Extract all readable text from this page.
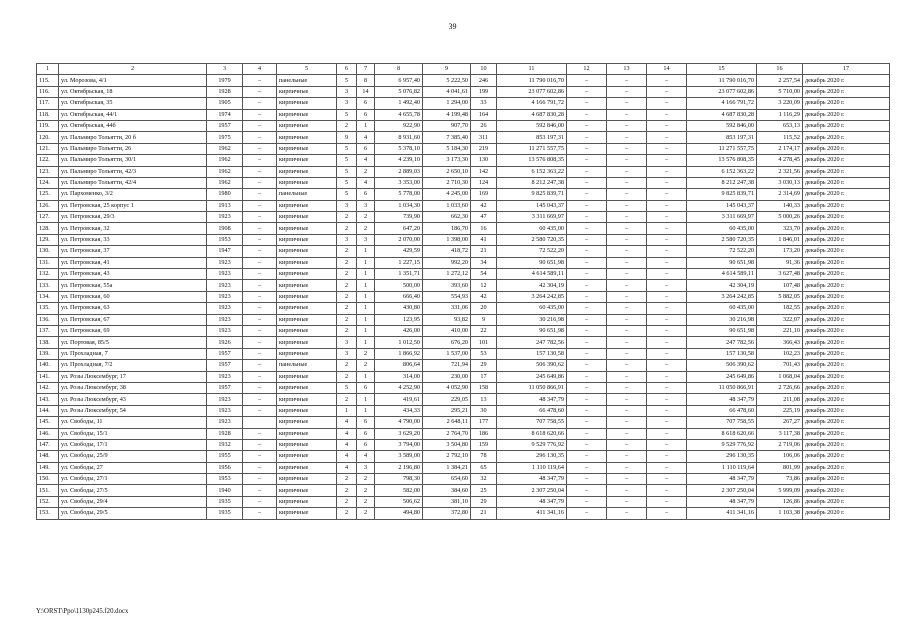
39
1	2	3	4	5	6	7	8	9	10	11	12	13	14	15	16	17
115.	ул. Морозова, 4/1	1979	–	панельные	5	8	6 957,40	5 222,50	246	11 790 016,70	–	–	–	11 790 016,70	2 257,54	декабрь 2020 г.
116.	ул. Октябрьская, 18	1928	–	кирпичные	3	14	5 076,82	4 041,61	199	23 077 602,86	–	–	–	23 077 602,86	5 710,00	декабрь 2020 г.
117.	ул. Октябрьская, 35	1905	–	кирпичные	3	6	1 492,40	1 294,00	33	4 166 791,72	–	–	–	4 166 791,72	3 220,09	декабрь 2020 г.
118.	ул. Октябрьская, 44/1	1974	–	кирпичные	5	6	4 655,78	4 199,48	164	4 687 830,28	–	–	–	4 687 830,28	1 116,29	декабрь 2020 г.
119.	ул. Октябрьская, 44б	1957	–	кирпичные	2	1	922,90	907,70	26	592 846,00	–	–	–	592 846,00	653,13	декабрь 2020 г.
120.	ул. Пальмиро Тольятти, 20 б	1975	–	кирпичные	9	4	8 931,60	7 385,40	311	853 197,31	–	–	–	853 197,31	115,52	декабрь 2020 г.
121.	ул. Пальмиро Тольятти, 26	1962	–	кирпичные	5	6	5 378,10	5 184,30	219	11 271 557,75	–	–	–	11 271 557,75	2 174,17	декабрь 2020 г.
122.	ул. Пальмиро Тольятти, 30/1	1962	–	кирпичные	5	4	4 239,10	3 173,30	130	13 576 808,35	–	–	–	13 576 808,35	4 278,45	декабрь 2020 г.
123.	ул. Пальмиро Тольятти, 42/3	1962	–	кирпичные	5	2	2 889,03	2 650,10	142	6 152 363,22	–	–	–	6 152 363,22	2 321,56	декабрь 2020 г.
124.	ул. Пальмиро Тольятти, 42/4	1962	–	кирпичные	5	4	3 353,00	2 710,30	124	8 212 247,38	–	–	–	8 212 247,38	3 030,13	декабрь 2020 г.
125.	ул. Пархоменко, 3/2	1980	–	панельные	5	6	5 778,00	4 245,00	169	9 825 839,71	–	–	–	9 825 839,71	2 314,69	декабрь 2020 г.
126.	ул. Петровская, 25 корпус 1	1913	–	кирпичные	3	3	1 034,30	1 033,60	42	145 043,37	–	–	–	145 043,37	140,33	декабрь 2020 г.
127.	ул. Петровская, 29/3	1923	–	кирпичные	2	2	739,90	662,30	47	3 311 669,97	–	–	–	3 311 669,97	5 000,26	декабрь 2020 г.
128.	ул. Петровская, 32	1908	–	кирпичные	2	2	647,20	186,70	16	60 435,00	–	–	–	60 435,00	323,70	декабрь 2020 г.
129.	ул. Петровская, 33	1953	–	кирпичные	3	3	2 070,00	1 398,00	41	2 580 720,35	–	–	–	2 580 720,35	1 846,01	декабрь 2020 г.
130.	ул. Петровская, 37	1947	–	кирпичные	2	1	429,59	418,72	21	72 522,20	–	–	–	72 522,20	173,20	декабрь 2020 г.
131.	ул. Петровская, 41	1923	–	кирпичные	2	1	1 227,15	992,20	34	90 651,98	–	–	–	90 651,98	91,36	декабрь 2020 г.
132.	ул. Петровская, 43	1923	–	кирпичные	2	1	1 351,71	1 272,12	54	4 614 589,11	–	–	–	4 614 589,11	3 627,48	декабрь 2020 г.
133.	ул. Петровская, 55а	1923	–	кирпичные	2	1	500,00	393,60	12	42 304,19	–	–	–	42 304,19	107,48	декабрь 2020 г.
134.	ул. Петровская, 60	1923	–	кирпичные	2	1	666,40	554,93	42	3 264 242,85	–	–	–	3 264 242,85	5 882,05	декабрь 2020 г.
135.	ул. Петровская, 63	1923	–	кирпичные	2	1	430,80	331,06	20	60 435,00	–	–	–	60 435,00	182,55	декабрь 2020 г.
136.	ул. Петровская, 67	1923	–	кирпичные	2	1	123,95	93,82	9	30 216,98	–	–	–	30 216,98	322,07	декабрь 2020 г.
137.	ул. Петровская, 69	1923	–	кирпичные	2	1	426,00	410,00	22	90 651,98	–	–	–	90 651,98	221,10	декабрь 2020 г.
138.	ул. Портовая, 85/5	1926	–	кирпичные	3	1	1 012,50	676,20	101	247 782,56	–	–	–	247 782,56	366,43	декабрь 2020 г.
139.	ул. Прохладная, 7	1957	–	кирпичные	3	2	1 866,92	1 537,00	53	157 130,58	–	–	–	157 130,58	102,23	декабрь 2020 г.
140.	ул. Прохладная, 7/2	1957	–	панельные	2	2	806,64	721,94	29	506 390,62	–	–	–	506 390,62	701,43	декабрь 2020 г.
141.	ул. Розы Люксембург, 17	1923	–	кирпичные	2	1	314,00	230,00	17	245 649,86	–	–	–	245 649,86	1 068,04	декабрь 2020 г.
142.	ул. Розы Люксембург, 38	1957	–	кирпичные	5	6	4 252,90	4 052,90	158	11 050 866,91	–	–	–	11 050 866,91	2 726,66	декабрь 2020 г.
143.	ул. Розы Люксембург, 43	1923	–	кирпичные	2	1	419,61	229,05	13	48 347,79	–	–	–	48 347,79	211,08	декабрь 2020 г.
144.	ул. Розы Люксембург, 54	1923	–	кирпичные	1	1	434,33	295,21	30	66 478,60	–	–	–	66 478,60	225,19	декабрь 2020 г.
145.	ул. Свободы, 11	1923		кирпичные	4	6	4 790,00	2 648,11	177	707 758,55	–	–	–	707 758,55	267,27	декабрь 2020 г.
146.	ул. Свободы, 15/1	1928	–	кирпичные	4	6	3 629,20	2 764,70	186	8 618 620,66	–	–	–	8 618 620,66	3 117,38	декабрь 2020 г.
147.	ул. Свободы, 17/1	1932	–	кирпичные	4	6	3 794,00	3 504,80	159	9 529 776,92	–	–	–	9 529 776,92	2 719,06	декабрь 2020 г.
148.	ул. Свободы, 25/9	1955	–	кирпичные	4	4	3 589,00	2 792,10	78	296 130,35	–	–	–	296 130,35	106,06	декабрь 2020 г.
149.	ул. Свободы, 27	1956	–	кирпичные	4	3	2 196,80	1 384,21	65	1 110 119,64	–	–	–	1 110 119,64	801,99	декабрь 2020 г.
150.	ул. Свободы, 27/1	1953	–	кирпичные	2	2	798,30	654,60	32	48 347,79	–	–	–	48 347,79	73,86	декабрь 2020 г.
151.	ул. Свободы, 27/5	1940	–	кирпичные	2	2	582,00	384,60	25	2 307 250,04	–	–	–	2 307 250,04	5 999,09	декабрь 2020 г.
152.	ул. Свободы, 29/4	1935	–	кирпичные	2	2	506,62	381,10	29	48 347,79	–	–	–	48 347,79	126,86	декабрь 2020 г.
153.	ул. Свободы, 29/5	1935	–	кирпичные	2	2	494,80	372,80	21	411 341,16	–	–	–	411 341,16	1 103,38	декабрь 2020 г.
Y:\ORST\Ppo\1130p245.f20.docx
